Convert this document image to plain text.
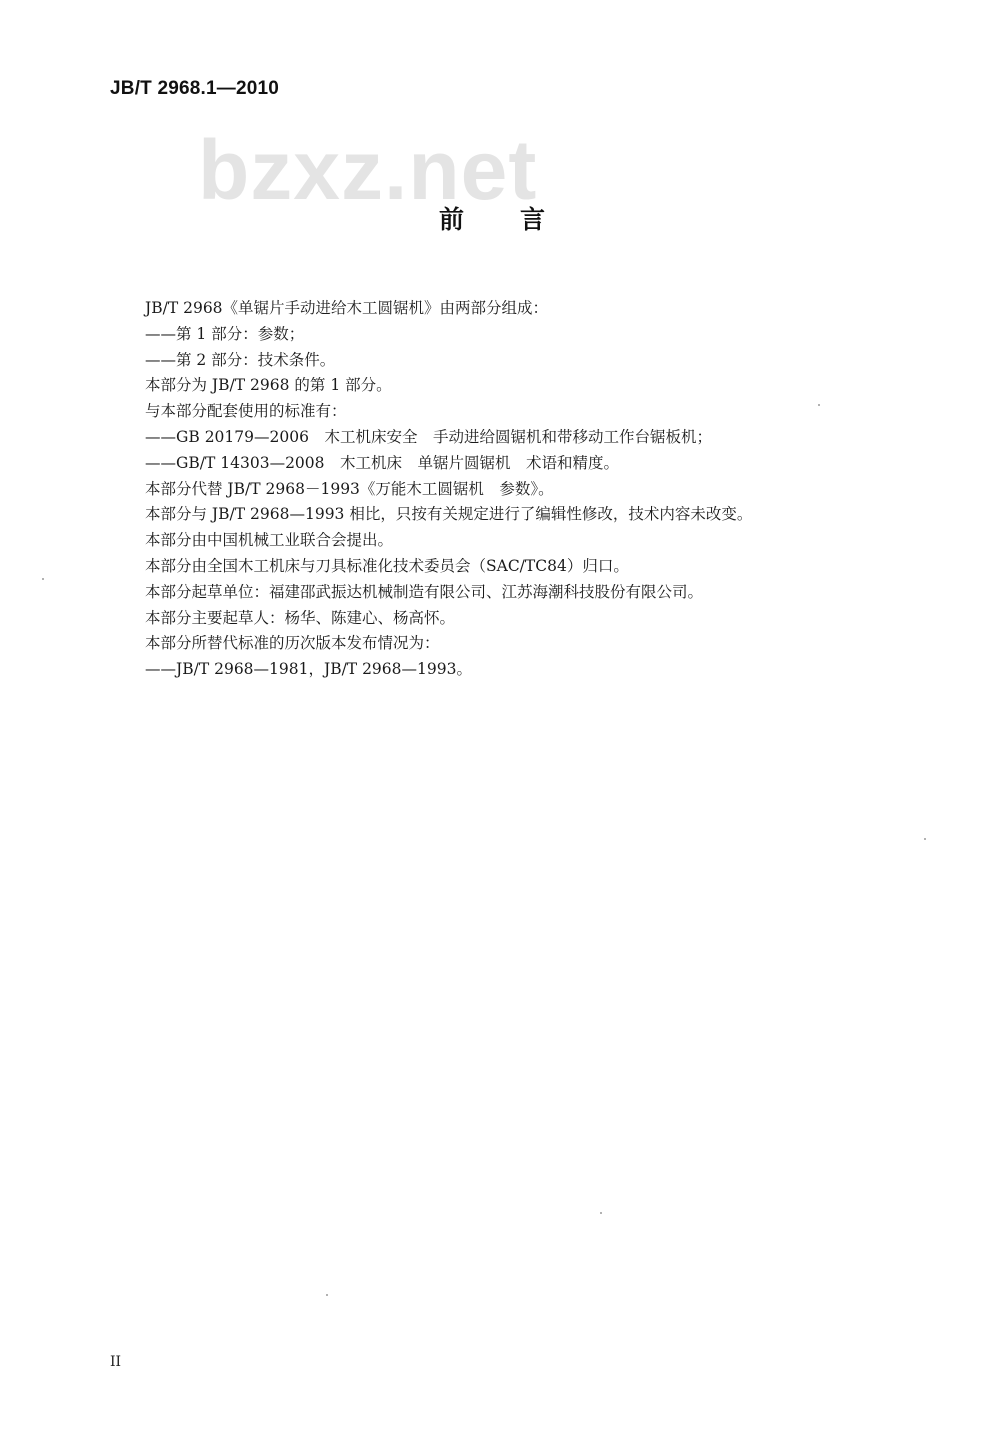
JB/T 2968.1—2010
bzxz.net
前言
JB/T 2968《单锯片手动进给木工圆锯机》由两部分组成：
——第 1 部分：参数；
——第 2 部分：技术条件。
本部分为 JB/T 2968 的第 1 部分。
与本部分配套使用的标准有：
——GB 20179—2006　木工机床安全　手动进给圆锯机和带移动工作台锯板机；
——GB/T 14303—2008　木工机床　单锯片圆锯机　术语和精度。
本部分代替 JB/T 2968－1993《万能木工圆锯机　参数》。
本部分与 JB/T 2968—1993 相比，只按有关规定进行了编辑性修改，技术内容未改变。
本部分由中国机械工业联合会提出。
本部分由全国木工机床与刀具标准化技术委员会（SAC/TC84）归口。
本部分起草单位：福建邵武振达机械制造有限公司、江苏海潮科技股份有限公司。
本部分主要起草人：杨华、陈建心、杨高怀。
本部分所替代标准的历次版本发布情况为：
——JB/T 2968—1981，JB/T 2968—1993。
II
